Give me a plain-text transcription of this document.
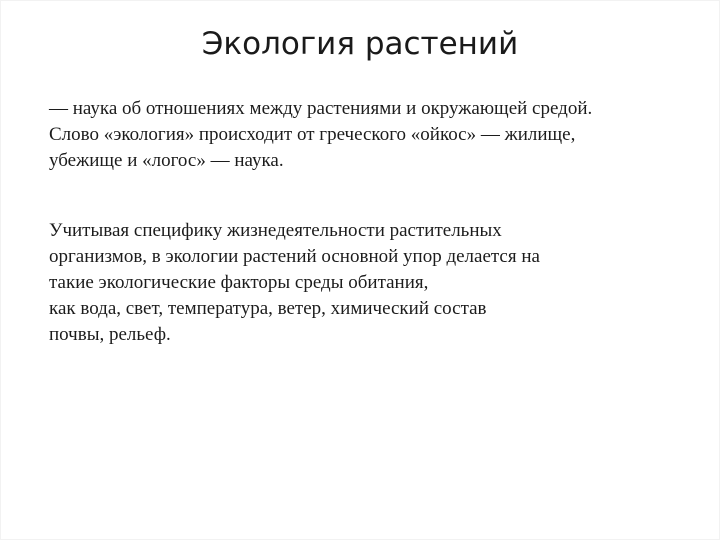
Экология растений
— наука об отношениях между растениями и окружающей средой.
Слово «экология» происходит от греческого «ойкос» — жилище,
убежище и «логос» — наука.
Учитывая специфику жизнедеятельности растительных
организмов, в экологии растений основной упор делается на
такие экологические факторы среды обитания,
как вода, свет, температура, ветер, химический состав
почвы, рельеф.
